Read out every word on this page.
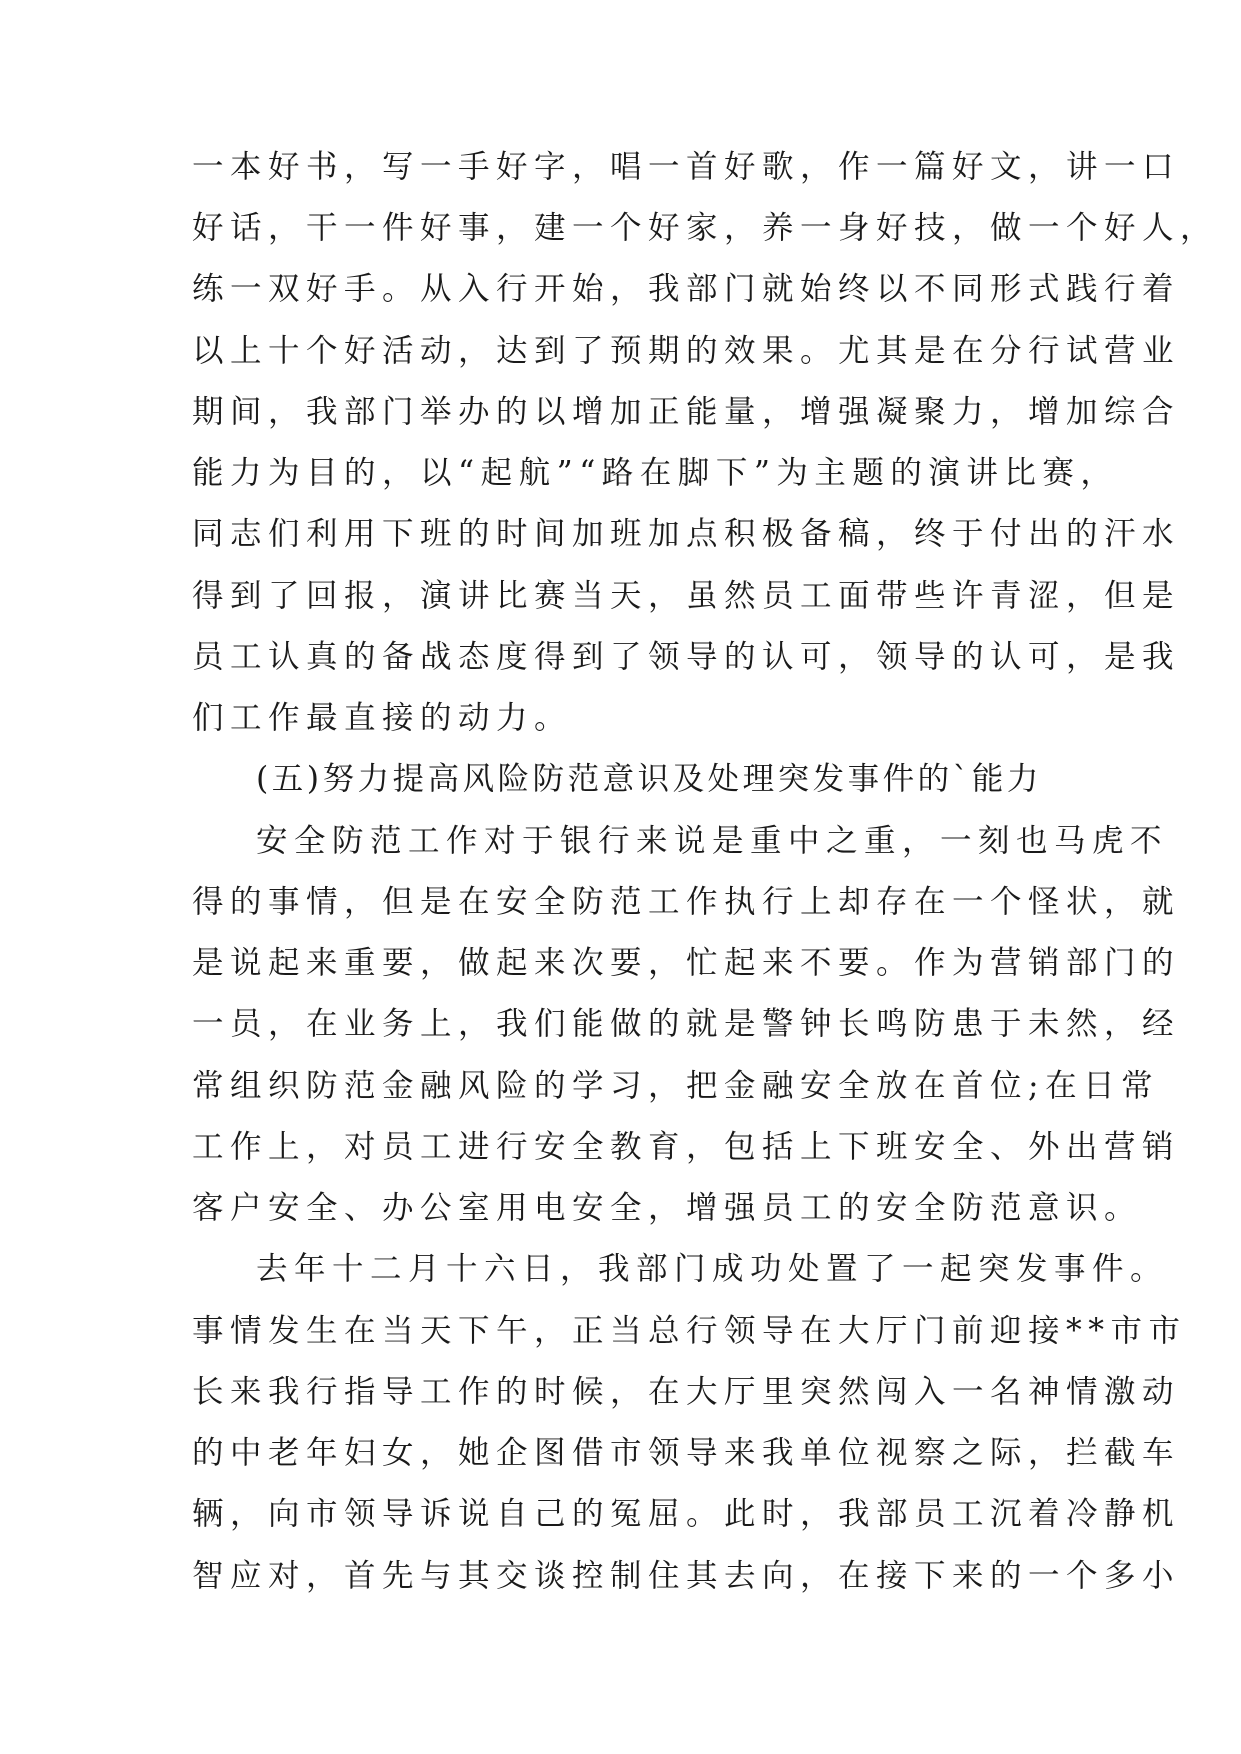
一本好书，写一手好字，唱一首好歌，作一篇好文，讲一口
好话，干一件好事，建一个好家，养一身好技，做一个好人，
练一双好手。从入行开始，我部门就始终以不同形式践行着
以上十个好活动，达到了预期的效果。尤其是在分行试营业
期间，我部门举办的以增加正能量，增强凝聚力，增加综合
能力为目的，以“起航”“路在脚下”为主题的演讲比赛，
同志们利用下班的时间加班加点积极备稿，终于付出的汗水
得到了回报，演讲比赛当天，虽然员工面带些许青涩，但是
员工认真的备战态度得到了领导的认可，领导的认可，是我
们工作最直接的动力。
(五)努力提高风险防范意识及处理突发事件的`能力
安全防范工作对于银行来说是重中之重，一刻也马虎不
得的事情，但是在安全防范工作执行上却存在一个怪状，就
是说起来重要，做起来次要，忙起来不要。作为营销部门的
一员，在业务上，我们能做的就是警钟长鸣防患于未然，经
常组织防范金融风险的学习，把金融安全放在首位;在日常
工作上，对员工进行安全教育，包括上下班安全、外出营销
客户安全、办公室用电安全，增强员工的安全防范意识。
去年十二月十六日，我部门成功处置了一起突发事件。
事情发生在当天下午，正当总行领导在大厅门前迎接**市市
长来我行指导工作的时候，在大厅里突然闯入一名神情激动
的中老年妇女，她企图借市领导来我单位视察之际，拦截车
辆，向市领导诉说自己的冤屈。此时，我部员工沉着冷静机
智应对，首先与其交谈控制住其去向，在接下来的一个多小
